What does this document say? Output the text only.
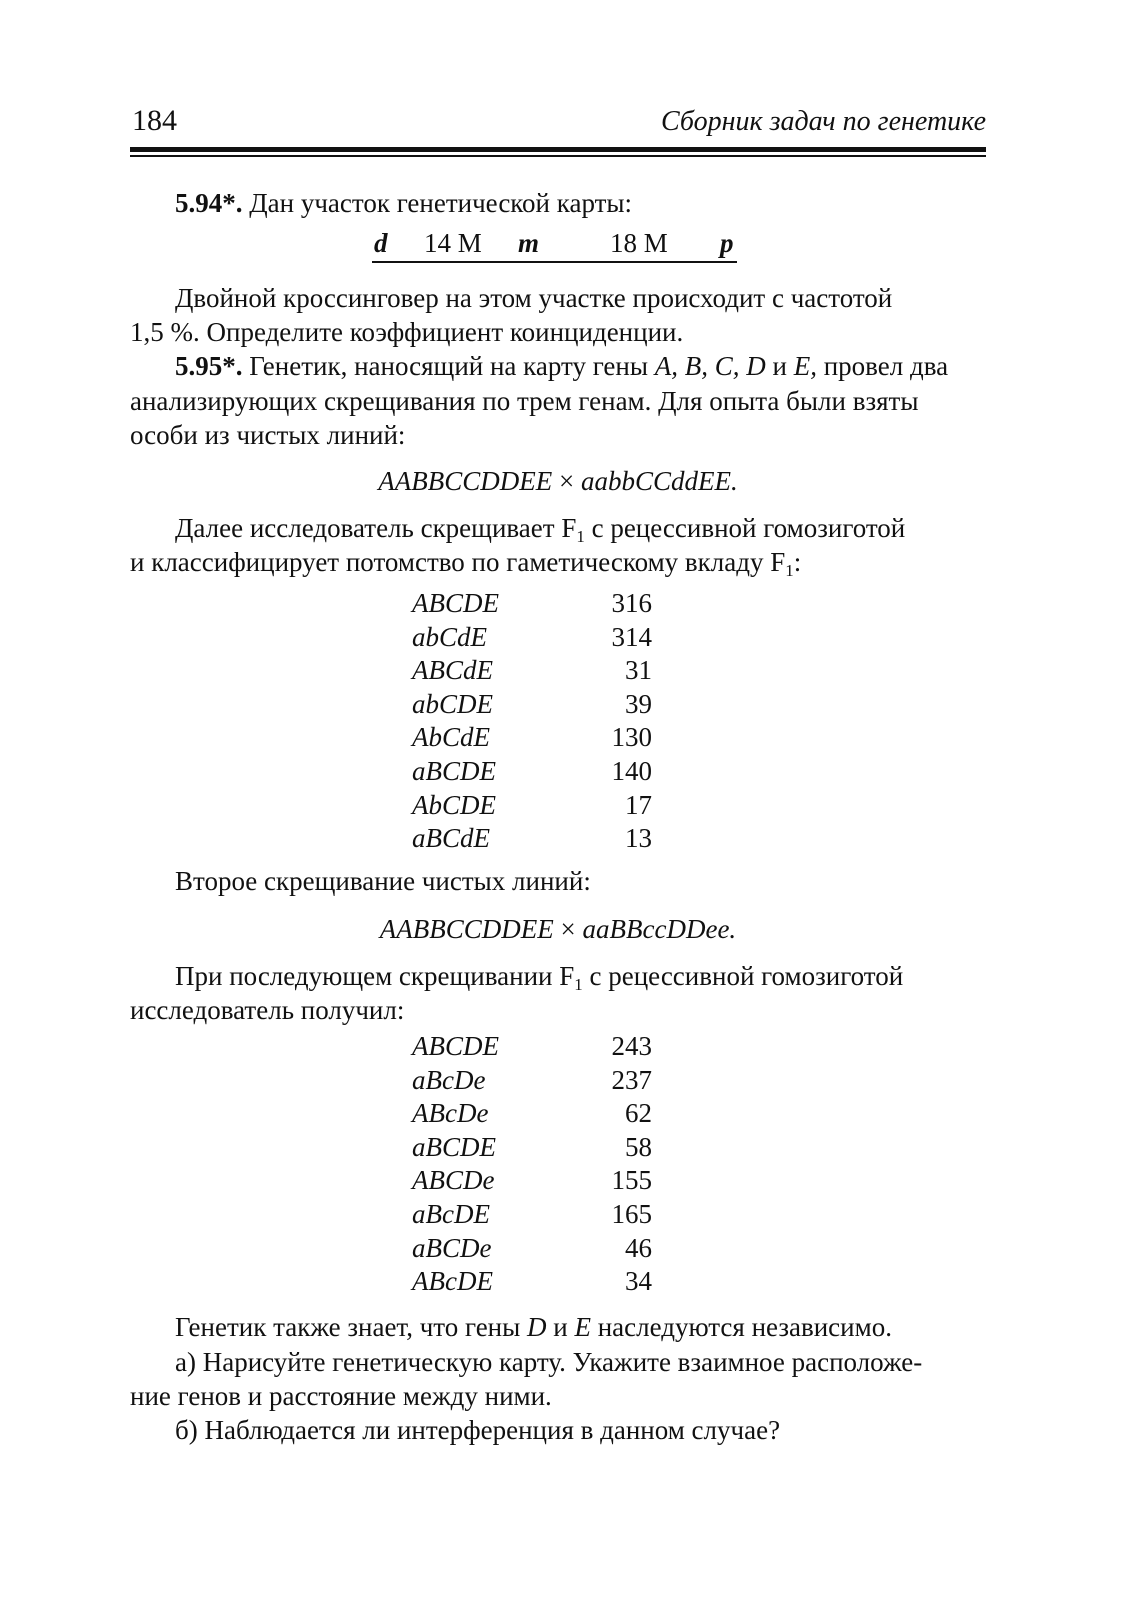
184	Сборник задач по генетике
5.94*. Дан участок генетической карты:
d 14 М m	18 М p
Двойной кроссинговер на этом участке происходит с частотой
1,5 %. Определите коэффициент коинциденции.
5.95*. Генетик, наносящий на карту гены A, B, C, D и E, провел два
анализирующих скрещивания по трем генам. Для опыта были взяты
особи из чистых линий:
AABBCCDDEE × aabbCCddEE.
Далее исследователь скрещивает $F_1$ с рецессивной гомозиготой
и классифицирует потомство по гаметическому вкладу $F_1$:
ABCDE	316
abCdE	314
ABCdE	31
abCDE	39
AbCdE	130
aBCDE	140
AbCDE	17
aBCdE	13
Второе скрещивание чистых линий:
AABBCCDDEE × aaBBccDDee.
При последующем скрещивании $F_1$ с рецессивной гомозиготой
исследователь получил:
ABCDE	243
aBcDe	237
ABcDe	62
aBCDE	58
ABCDe	155
aBcDE	165
aBCDe	46
ABcDE	34
Генетик также знает, что гены D и E наследуются независимо.
а) Нарисуйте генетическую карту. Укажите взаимное расположе-
ние генов и расстояние между ними.
б) Наблюдается ли интерференция в данном случае?
